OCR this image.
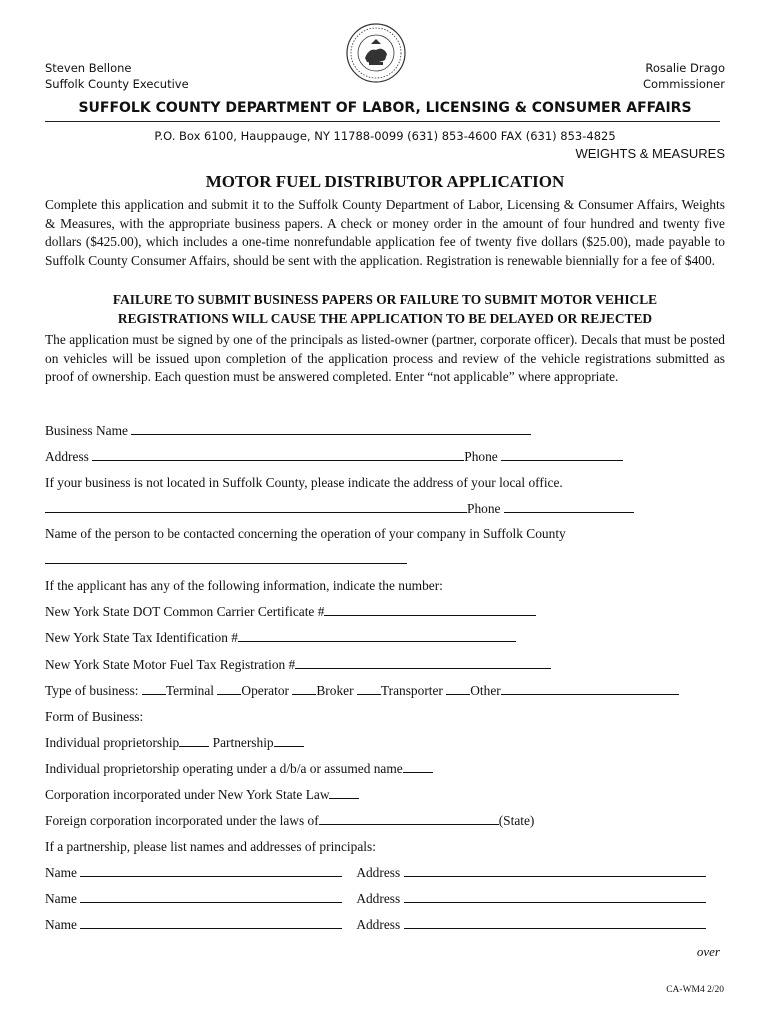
Steven Bellone
Suffolk County Executive
Rosalie Drago
Commissioner
SUFFOLK COUNTY DEPARTMENT OF LABOR, LICENSING & CONSUMER AFFAIRS
P.O. Box 6100, Hauppauge, NY 11788-0099 (631) 853-4600 FAX (631) 853-4825
WEIGHTS & MEASURES
MOTOR FUEL DISTRIBUTOR APPLICATION
Complete this application and submit it to the Suffolk County Department of Labor, Licensing & Consumer Affairs, Weights & Measures, with the appropriate business papers. A check or money order in the amount of four hundred and twenty five dollars ($425.00), which includes a one-time nonrefundable application fee of twenty five dollars ($25.00), made payable to Suffolk County Consumer Affairs, should be sent with the application. Registration is renewable biennially for a fee of $400.
FAILURE TO SUBMIT BUSINESS PAPERS OR FAILURE TO SUBMIT MOTOR VEHICLE
REGISTRATIONS WILL CAUSE THE APPLICATION TO BE DELAYED OR REJECTED
The application must be signed by one of the principals as listed-owner (partner, corporate officer). Decals that must be posted on vehicles will be issued upon completion of the application process and review of the vehicle registrations submitted as proof of ownership. Each question must be answered completed. Enter “not applicable” where appropriate.
Business Name
Address	Phone
If your business is not located in Suffolk County, please indicate the address of your local office.
Phone
Name of the person to be contacted concerning the operation of your company in Suffolk County
If the applicant has any of the following information, indicate the number:
New York State DOT Common Carrier Certificate #
New York State Tax Identification #
New York State Motor Fuel Tax Registration #
Type of business: Terminal Operator Broker Transporter Other
Form of Business:
Individual proprietorship Partnership
Individual proprietorship operating under a d/b/a or assumed name
Corporation incorporated under New York State Law
Foreign corporation incorporated under the laws of	(State)
If a partnership, please list names and addresses of principals:
Name	Address
Name	Address
Name	Address
over
CA-WM4 2/20
